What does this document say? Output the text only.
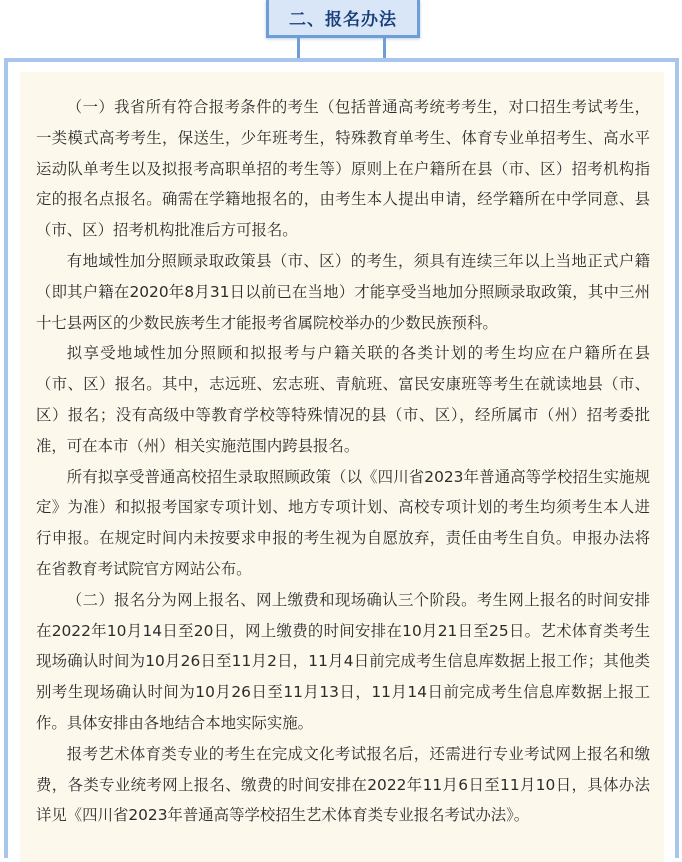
二、报名办法

（一）我省所有符合报考条件的考生（包括普通高考统考考生，对口招生考试考生，一类模式高考考生，保送生，少年班考生，特殊教育单考生、体育专业单招考生、高水平运动队单考生以及拟报考高职单招的考生等）原则上在户籍所在县（市、区）招考机构指定的报名点报名。确需在学籍地报名的，由考生本人提出申请，经学籍所在中学同意、县（市、区）招考机构批准后方可报名。

有地域性加分照顾录取政策县（市、区）的考生，须具有连续三年以上当地正式户籍（即其户籍在2020年8月31日以前已在当地）才能享受当地加分照顾录取政策，其中三州十七县两区的少数民族考生才能报考省属院校举办的少数民族预科。

拟享受地域性加分照顾和拟报考与户籍关联的各类计划的考生均应在户籍所在县（市、区）报名。其中，志远班、宏志班、青航班、富民安康班等考生在就读地县（市、区）报名；没有高级中等教育学校等特殊情况的县（市、区），经所属市（州）招考委批准，可在本市（州）相关实施范围内跨县报名。

所有拟享受普通高校招生录取照顾政策（以《四川省2023年普通高等学校招生实施规定》为准）和拟报考国家专项计划、地方专项计划、高校专项计划的考生均须考生本人进行申报。在规定时间内未按要求申报的考生视为自愿放弃，责任由考生自负。申报办法将在省教育考试院官方网站公布。

（二）报名分为网上报名、网上缴费和现场确认三个阶段。考生网上报名的时间安排在2022年10月14日至20日，网上缴费的时间安排在10月21日至25日。艺术体育类考生现场确认时间为10月26日至11月2日，11月4日前完成考生信息库数据上报工作；其他类别考生现场确认时间为10月26日至11月13日，11月14日前完成考生信息库数据上报工作。具体安排由各地结合本地实际实施。

报考艺术体育类专业的考生在完成文化考试报名后，还需进行专业考试网上报名和缴费，各类专业统考网上报名、缴费的时间安排在2022年11月6日至11月10日，具体办法详见《四川省2023年普通高等学校招生艺术体育类专业报名考试办法》。
